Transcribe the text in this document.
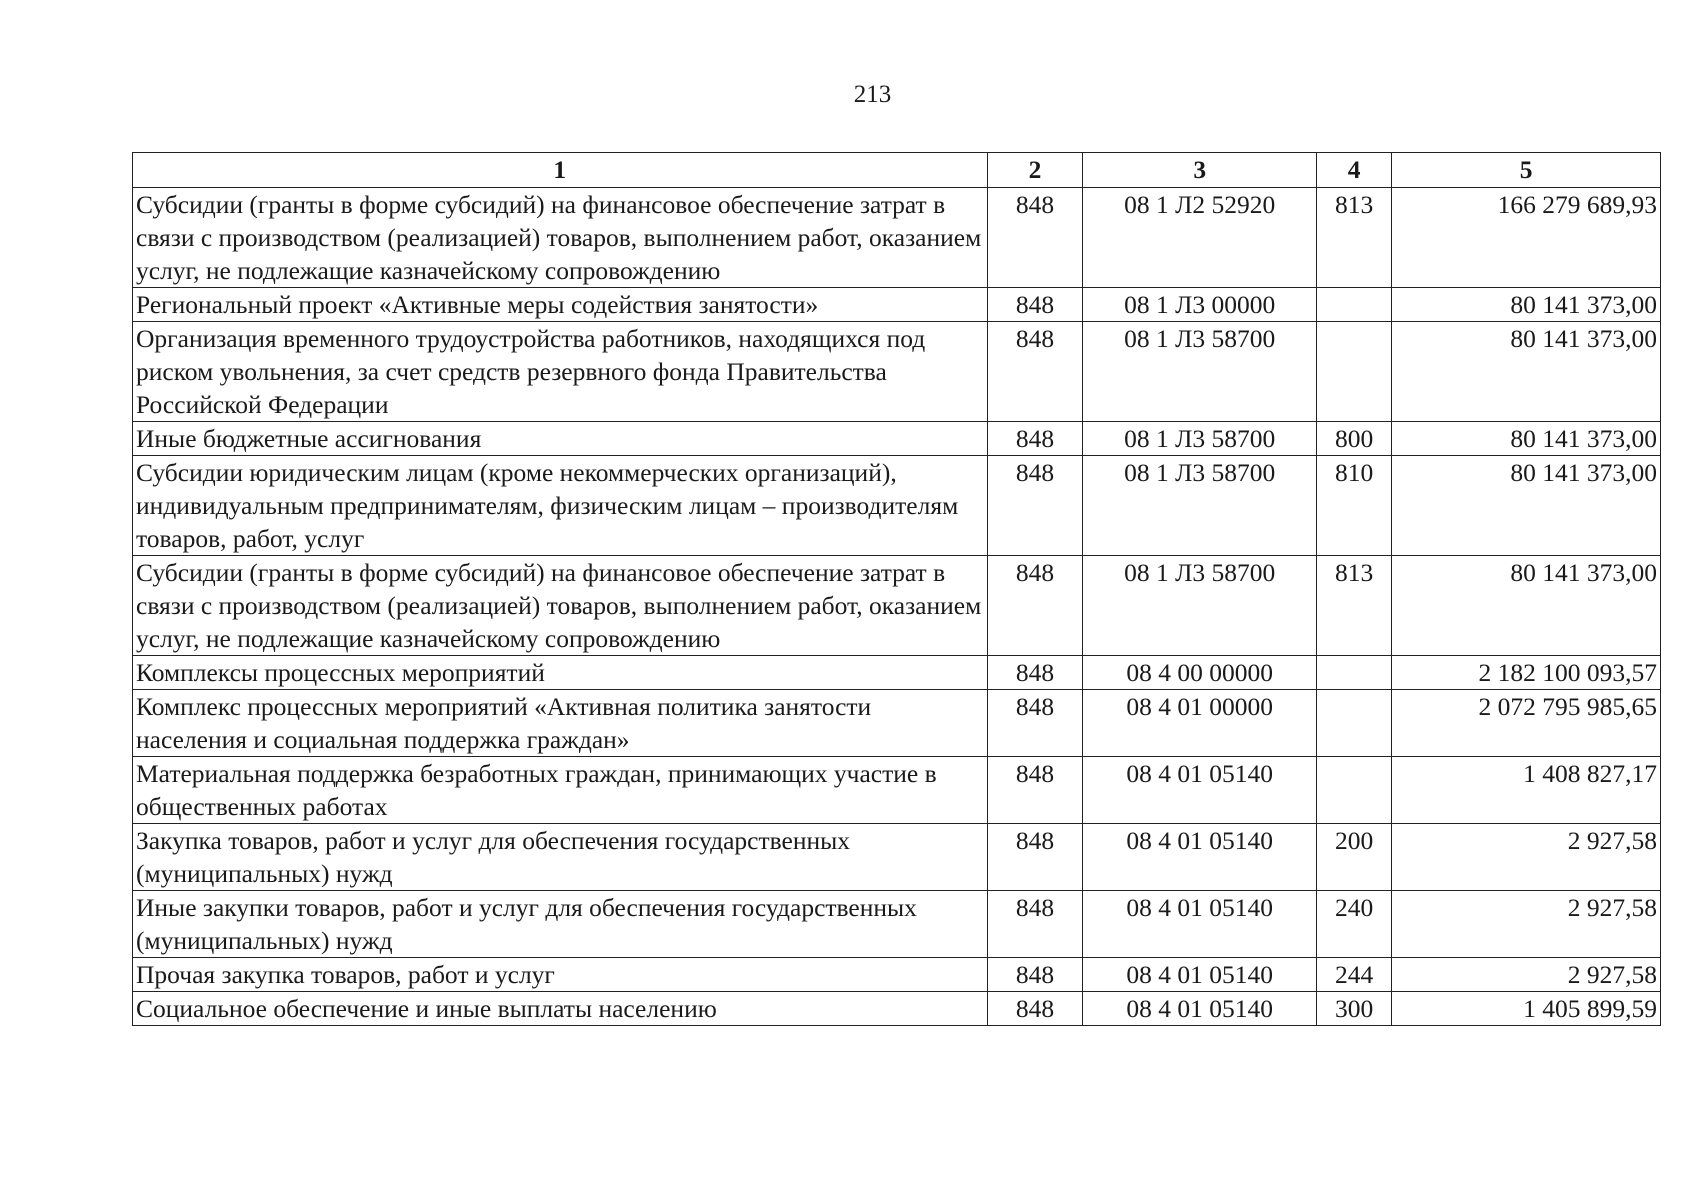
213
1	2	3	4	5
Субсидии (гранты в форме субсидий) на финансовое обеспечение затрат в связи с производством (реализацией) товаров, выполнением работ, оказанием услуг, не подлежащие казначейскому сопровождению	848	08 1 Л2 52920	813	166 279 689,93
Региональный проект «Активные меры содействия занятости»	848	08 1 Л3 00000		80 141 373,00
Организация временного трудоустройства работников, находящихся под риском увольнения, за счет средств резервного фонда Правительства Российской Федерации	848	08 1 Л3 58700		80 141 373,00
Иные бюджетные ассигнования	848	08 1 Л3 58700	800	80 141 373,00
Субсидии юридическим лицам (кроме некоммерческих организаций), индивидуальным предпринимателям, физическим лицам – производителям товаров, работ, услуг	848	08 1 Л3 58700	810	80 141 373,00
Субсидии (гранты в форме субсидий) на финансовое обеспечение затрат в связи с производством (реализацией) товаров, выполнением работ, оказанием услуг, не подлежащие казначейскому сопровождению	848	08 1 Л3 58700	813	80 141 373,00
Комплексы процессных мероприятий	848	08 4 00 00000		2 182 100 093,57
Комплекс процессных мероприятий «Активная политика занятости населения и социальная поддержка граждан»	848	08 4 01 00000		2 072 795 985,65
Материальная поддержка безработных граждан, принимающих участие в общественных работах	848	08 4 01 05140		1 408 827,17
Закупка товаров, работ и услуг для обеспечения государственных (муниципальных) нужд	848	08 4 01 05140	200	2 927,58
Иные закупки товаров, работ и услуг для обеспечения государственных (муниципальных) нужд	848	08 4 01 05140	240	2 927,58
Прочая закупка товаров, работ и услуг	848	08 4 01 05140	244	2 927,58
Социальное обеспечение и иные выплаты населению	848	08 4 01 05140	300	1 405 899,59
